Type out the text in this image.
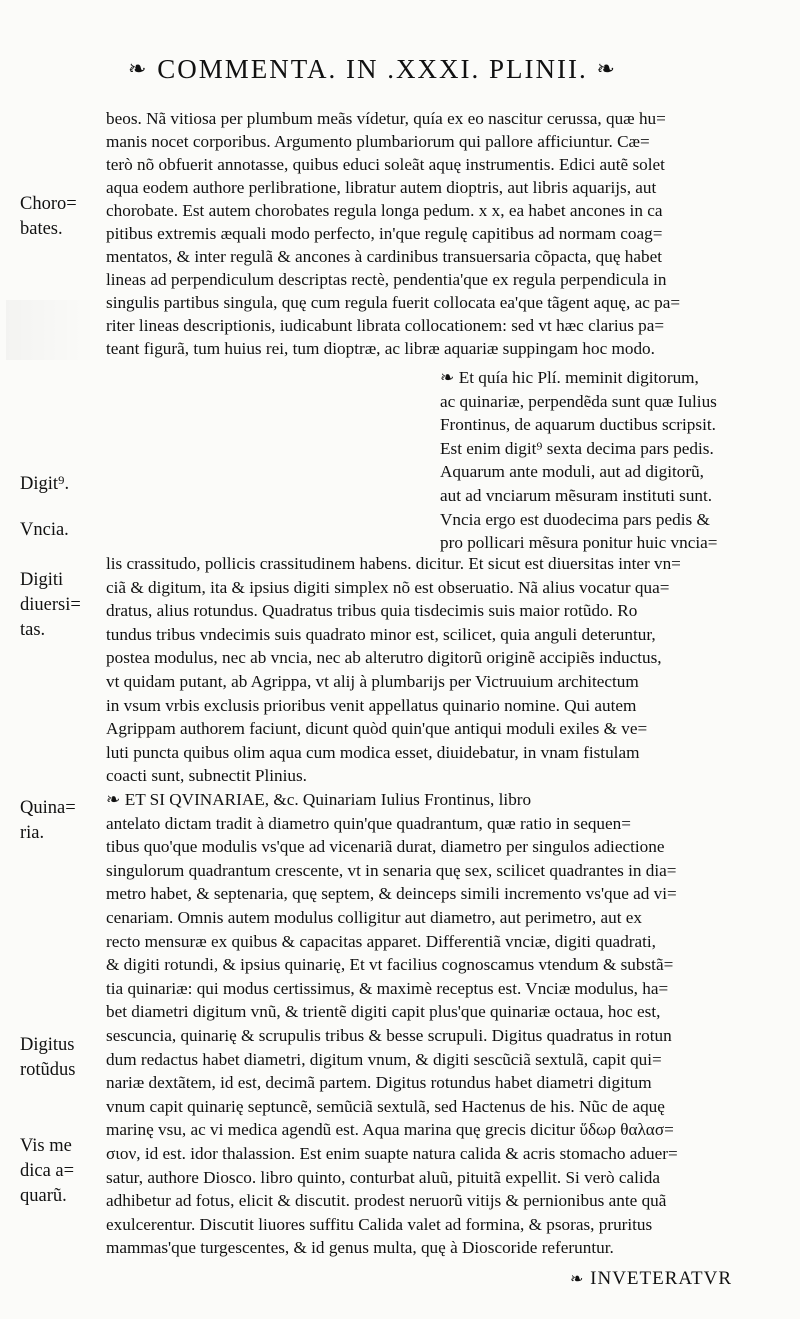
❧ COMMENTA. IN .XXXI. PLINII. ❧
beos. Nã vitiosa per plumbum meãs vídetur, quía ex eo nascitur cerussa, quæ hu=
manis nocet corporibus. Argumento plumbariorum qui pallore afficiuntur. Cæ=
terò nõ obfuerit annotasse, quibus educi soleãt aquę instrumentis. Edici autẽ solet
aqua eodem authore perlibratione, libratur autem dioptris, aut libris aquarijs, aut
chorobate. Est autem chorobates regula longa pedum. x x, ea habet ancones in ca
pitibus extremis æquali modo perfecto, in'que regulę capitibus ad normam coag=
mentatos, & inter regulã & ancones à cardinibus transuersaria cõpacta, quę habet
lineas ad perpendiculum descriptas rectè, pendentia'que ex regula perpendicula in
singulis partibus singula, quę cum regula fuerit collocata ea'que tãgent aquę, ac pa=
riter lineas descriptionis, iudicabunt librata collocationem: sed vt hæc clarius pa=
teant figurã, tum huius rei, tum dioptræ, ac libræ aquariæ suppingam hoc modo.
❧ Et quía hic Plí. meminit digitorum,
ac quinariæ, perpendẽda sunt quæ Iulius
Frontinus, de aquarum ductibus scripsit.
Est enim digit⁹ sexta decima pars pedis.
Aquarum ante moduli, aut ad digitorũ,
aut ad vnciarum mẽsuram instituti sunt.
Vncia ergo est duodecima pars pedis &
pro pollicari mẽsura ponitur huic vncia=
lis crassitudo, pollicis crassitudinem habens. dicitur. Et sicut est diuersitas inter vn=
ciã & digitum, ita & ipsius digiti simplex nõ est obseruatio. Nã alius vocatur qua=
dratus, alius rotundus. Quadratus tribus quia tisdecimis suis maior rotũdo. Ro
tundus tribus vndecimis suis quadrato minor est, scilicet, quia anguli deteruntur,
postea modulus, nec ab vncia, nec ab alterutro digitorũ originẽ accipiẽs inductus,
vt quidam putant, ab Agrippa, vt alij à plumbarijs per Victruuium architectum
in vsum vrbis exclusis prioribus venit appellatus quinario nomine. Qui autem
Agrippam authorem faciunt, dicunt quòd quin'que antiqui moduli exiles & ve=
luti puncta quibus olim aqua cum modica esset, diuidebatur, in vnam fistulam
coacti sunt, subnectit Plinius.
❧ ET SI QVINARIAE, &c. Quinariam Iulius Frontinus, libro
antelato dictam tradit à diametro quin'que quadrantum, quæ ratio in sequen=
tibus quo'que modulis vs'que ad vicenariã durat, diametro per singulos adiectione
singulorum quadrantum crescente, vt in senaria quę sex, scilicet quadrantes in dia=
metro habet, & septenaria, quę septem, & deinceps simili incremento vs'que ad vi=
cenariam. Omnis autem modulus colligitur aut diametro, aut perimetro, aut ex
recto mensuræ ex quibus & capacitas apparet. Differentiã vnciæ, digiti quadrati,
& digiti rotundi, & ipsius quinarię, Et vt facilius cognoscamus vtendum & substã=
tia quinariæ: qui modus certissimus, & maximè receptus est. Vnciæ modulus, ha=
bet diametri digitum vnũ, & trientẽ digiti capit plus'que quinariæ octaua, hoc est,
sescuncia, quinarię & scrupulis tribus & besse scrupuli. Digitus quadratus in rotun
dum redactus habet diametri, digitum vnum, & digiti sescũciã sextulã, capit qui=
nariæ dextãtem, id est, decimã partem. Digitus rotundus habet diametri digitum
vnum capit quinarię septuncẽ, semũciã sextulã, sed Hactenus de his. Nũc de aquę
marinę vsu, ac vi medica agendũ est. Aqua marina quę grecis dicitur ὕδωρ θαλασ=
σιον, id est. idor thalassion. Est enim suapte natura calida & acris stomacho aduer=
satur, authore Diosco. libro quinto, conturbat aluũ, pituitã expellit. Si verò calida
adhibetur ad fotus, elicit & discutit. prodest neruorũ vitijs & pernionibus ante quã
exulcerentur. Discutit liuores suffitu Calida valet ad formina, & psoras, pruritus
mammas'que turgescentes, & id genus multa, quę à Dioscoride referuntur.
Choro=
bates.
Digit⁹.
Vncia.
Digiti
diuersi=
tas.
Quina=
ria.
Digitus
rotũdus
Vis me
dica a=
quarũ.
❧ INVETERATVR
